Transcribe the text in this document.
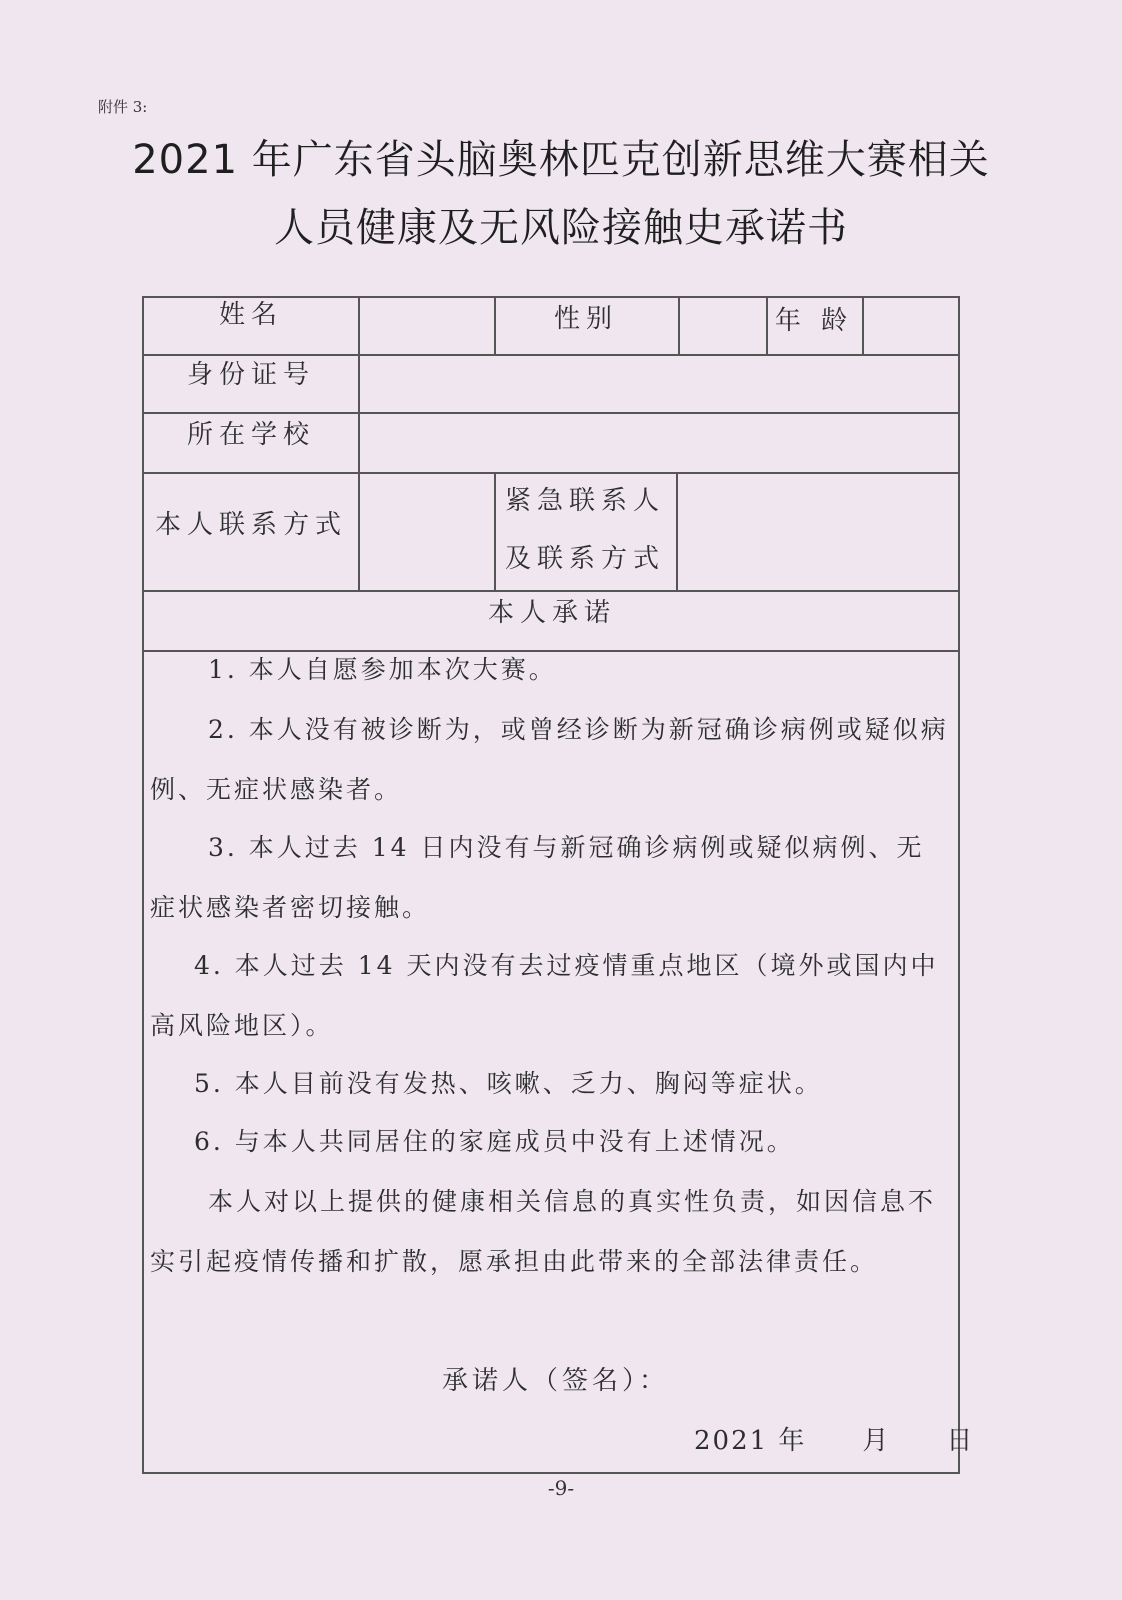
附件 3:
2021 年广东省头脑奥林匹克创新思维大赛相关
人员健康及无风险接触史承诺书
姓名	性别	年 龄
身份证号
所在学校
本人联系方式
紧急联系人
及联系方式
本人承诺
1. 本人自愿参加本次大赛。
2. 本人没有被诊断为，或曾经诊断为新冠确诊病例或疑似病例、无症状感染者。
3. 本人过去 14 日内没有与新冠确诊病例或疑似病例、无症状感染者密切接触。
4. 本人过去 14 天内没有去过疫情重点地区（境外或国内中高风险地区）。
5. 本人目前没有发热、咳嗽、乏力、胸闷等症状。
6. 与本人共同居住的家庭成员中没有上述情况。
本人对以上提供的健康相关信息的真实性负责，如因信息不实引起疫情传播和扩散，愿承担由此带来的全部法律责任。
承诺人（签名）：
2021 年　　月　　日
-9-
